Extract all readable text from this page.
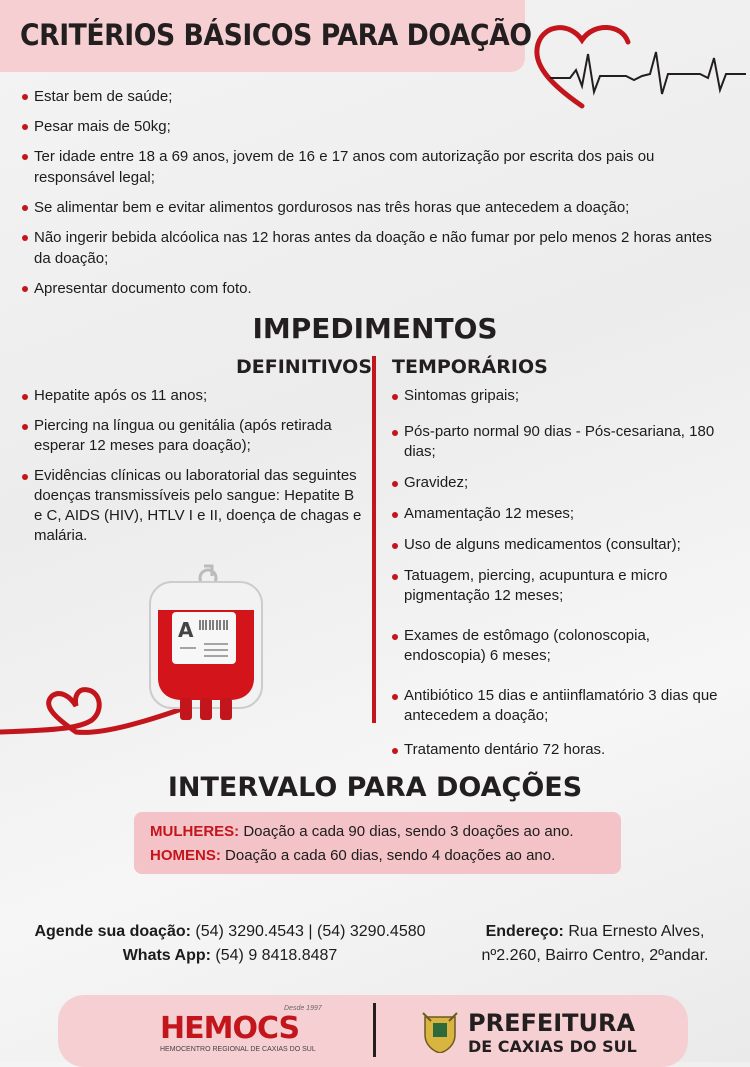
CRITÉRIOS BÁSICOS PARA DOAÇÃO
Estar bem de saúde;
Pesar mais de 50kg;
Ter idade entre 18 a 69 anos, jovem de 16 e 17 anos com autorização por escrita dos pais ou responsável legal;
Se alimentar bem e evitar alimentos gordurosos nas três horas que antecedem a doação;
Não ingerir bebida alcóolica nas 12 horas antes da doação e não fumar por pelo menos 2 horas antes da doação;
Apresentar documento com foto.
IMPEDIMENTOS
DEFINITIVOS TEMPORÁRIOS
Hepatite após os 11 anos;
Piercing na língua ou genitália (após retirada esperar 12 meses para doação);
Evidências clínicas ou laboratorial das seguintes doenças transmissíveis pelo sangue: Hepatite B e C, AIDS (HIV), HTLV I e II, doença de chagas e malária.
Sintomas gripais;
Pós-parto normal 90 dias - Pós-cesariana, 180 dias;
Gravidez;
Amamentação 12 meses;
Uso de alguns medicamentos (consultar);
Tatuagem, piercing, acupuntura e micro pigmentação 12 meses;
Exames de estômago (colonoscopia, endoscopia) 6 meses;
Antibiótico 15 dias e antiinflamatório 3 dias que antecedem a doação;
Tratamento dentário 72 horas.
A
INTERVALO PARA DOAÇÕES
MULHERES: Doação a cada 90 dias, sendo 3 doações ao ano.
HOMENS: Doação a cada 60 dias, sendo 4 doações ao ano.
Agende sua doação: (54) 3290.4543 | (54) 3290.4580
Whats App: (54) 9 8418.8487
Endereço: Rua Ernesto Alves,
nº2.260, Bairro Centro, 2ºandar.
Desde 1997
HEMOCS
HEMOCENTRO REGIONAL DE CAXIAS DO SUL
PREFEITURA
DE CAXIAS DO SUL
